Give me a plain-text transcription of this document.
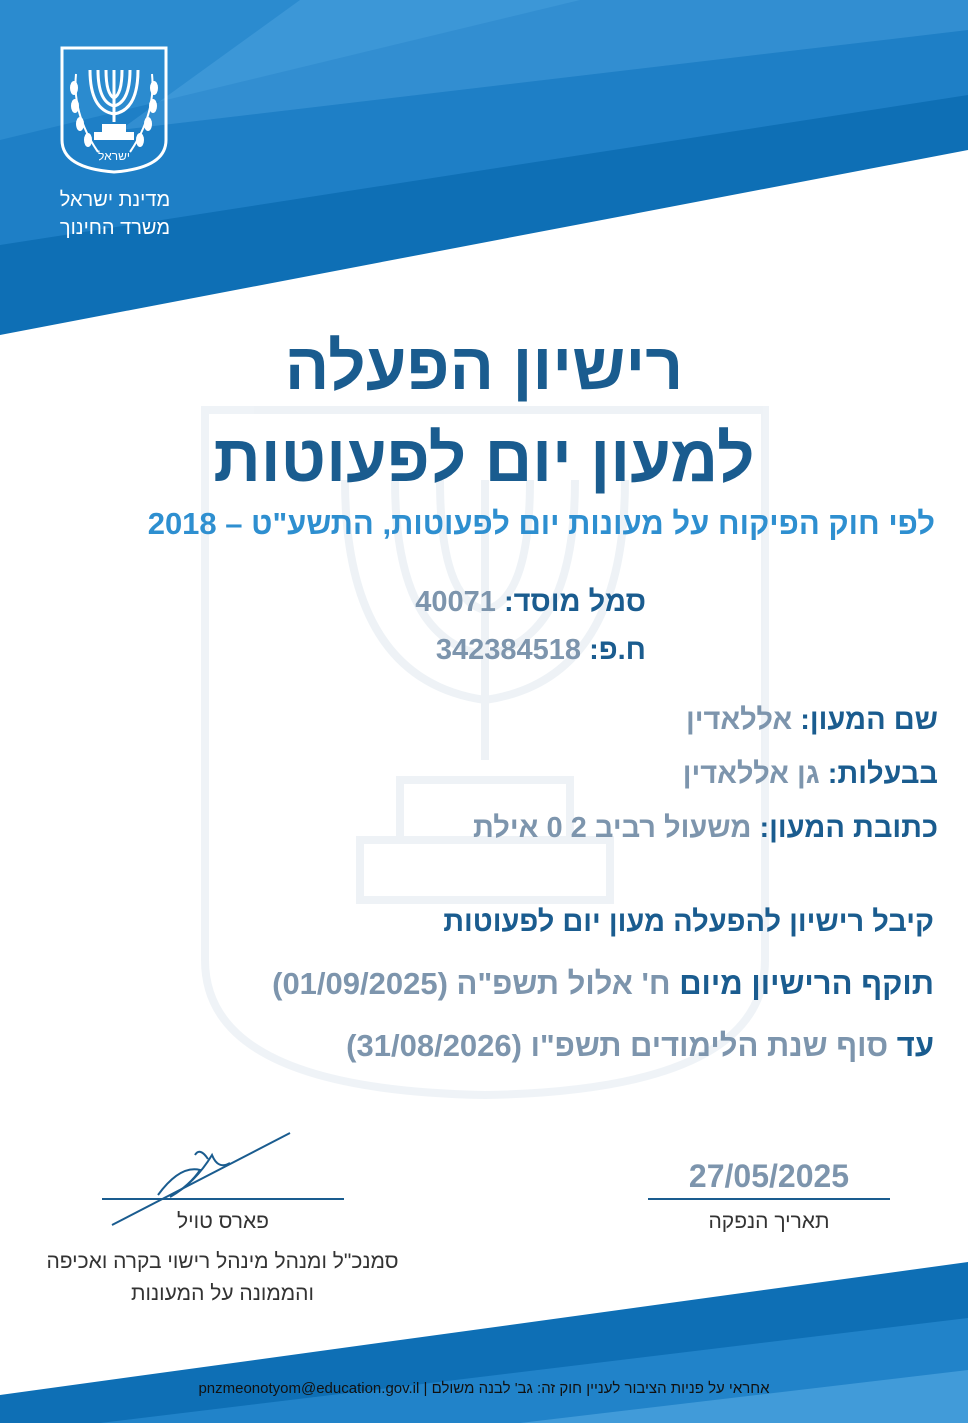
ישראל
מדינת ישראל
משרד החינוך
רישיון הפעלה
למעון יום לפעוטות
לפי חוק הפיקוח על מעונות יום לפעוטות, התשע"ט – 2018
סמל מוסד: 40071
ח.פ: 342384518
שם המעון: אללאדין
בבעלות: גן אללאדין
כתובת המעון: משעול רביב 2 0 אילת
קיבל רישיון להפעלה מעון יום לפעוטות
תוקף הרישיון מיום ח' אלול תשפ"ה (01/09/2025)
עד סוף שנת הלימודים תשפ"ו (31/08/2026)
27/05/2025
תאריך הנפקה
פארס טויל
סמנכ"ל ומנהל מינהל רישוי בקרה ואכיפה
והממונה על המעונות
אחראי על פניות הציבור לעניין חוק זה: גב' לבנה משולם | pnzmeonotyom@education.gov.il
